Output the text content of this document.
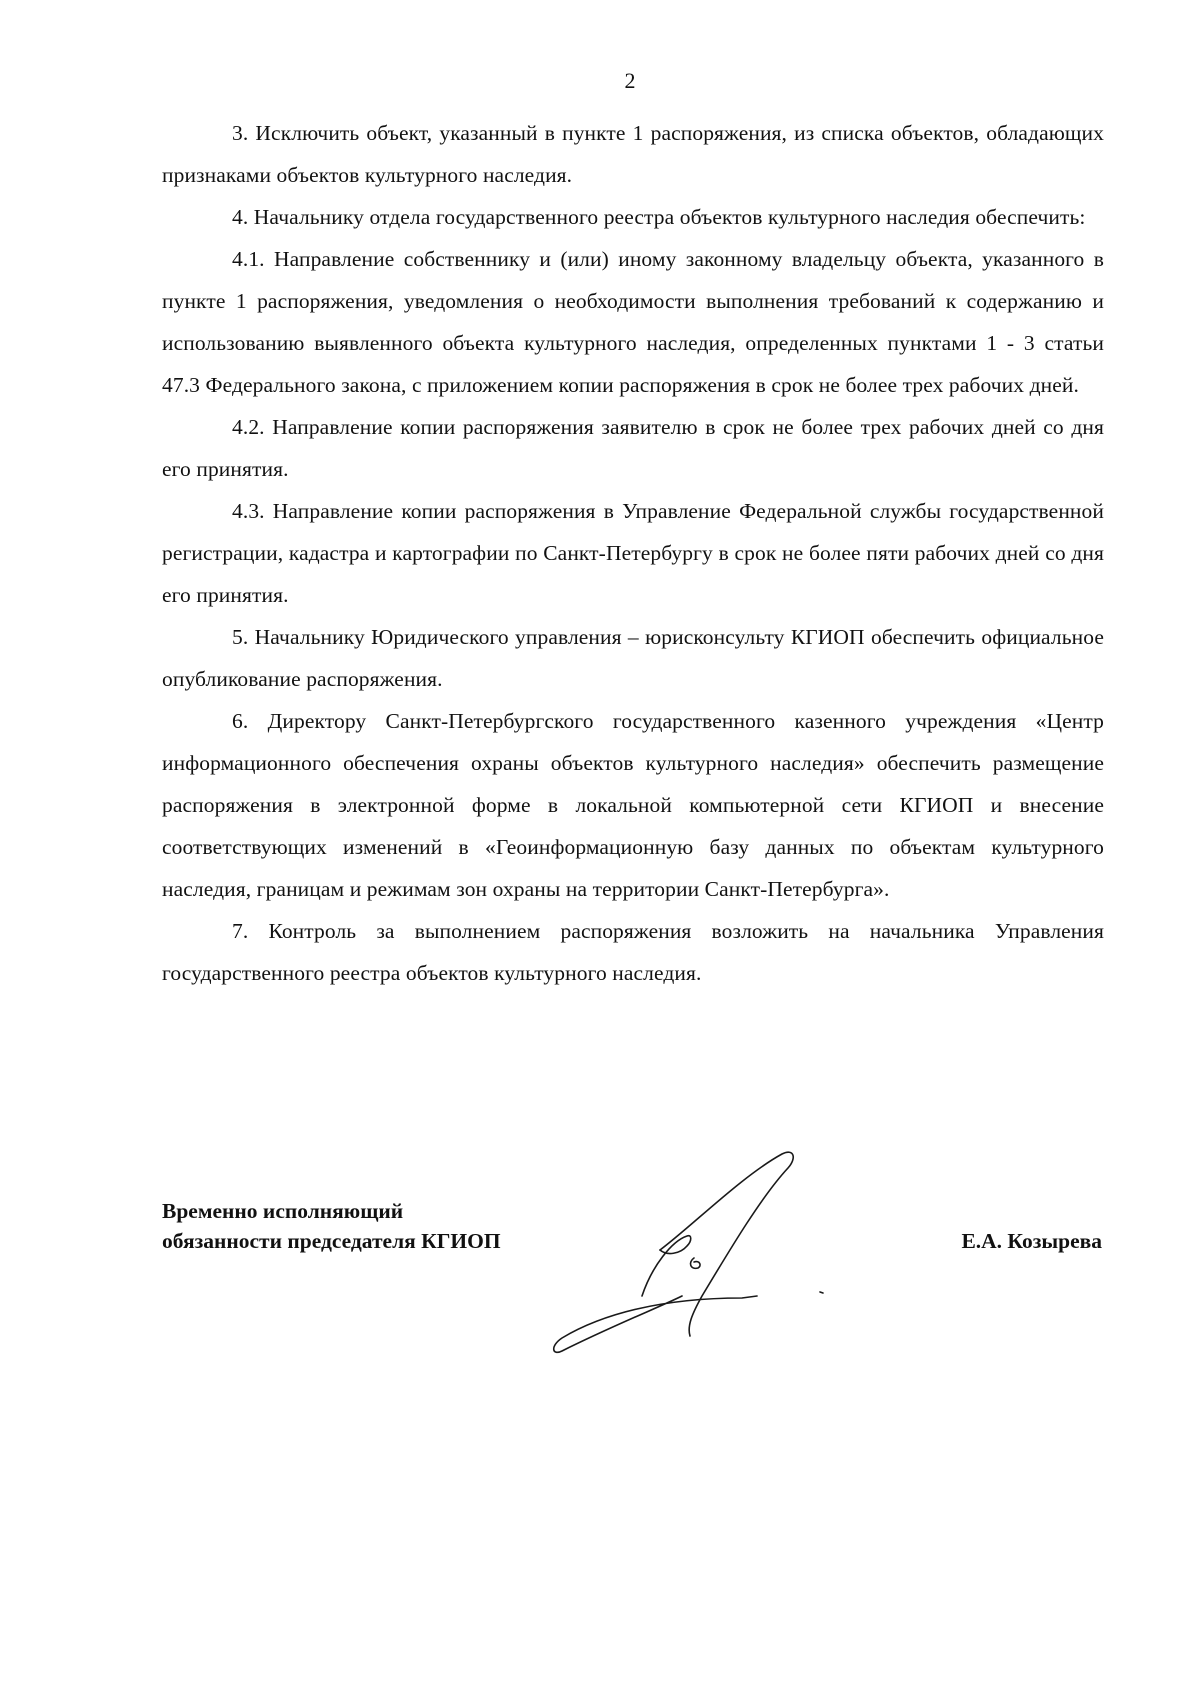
2

3. Исключить объект, указанный в пункте 1 распоряжения, из списка объектов, обладающих признаками объектов культурного наследия.

4. Начальнику отдела государственного реестра объектов культурного наследия обеспечить:

4.1. Направление собственнику и (или) иному законному владельцу объекта, указанного в пункте 1 распоряжения, уведомления о необходимости выполнения требований к содержанию и использованию выявленного объекта культурного наследия, определенных пунктами 1 - 3 статьи 47.3 Федерального закона, с приложением копии распоряжения в срок не более трех рабочих дней.

4.2. Направление копии распоряжения заявителю в срок не более трех рабочих дней со дня его принятия.

4.3. Направление копии распоряжения в Управление Федеральной службы государственной регистрации, кадастра и картографии по Санкт-Петербургу в срок не более пяти рабочих дней со дня его принятия.

5. Начальнику Юридического управления – юрисконсульту КГИОП обеспечить официальное опубликование распоряжения.

6. Директору Санкт-Петербургского государственного казенного учреждения «Центр информационного обеспечения охраны объектов культурного наследия» обеспечить размещение распоряжения в электронной форме в локальной компьютерной сети КГИОП и внесение соответствующих изменений в «Геоинформационную базу данных по объектам культурного наследия, границам и режимам зон охраны на территории Санкт-Петербурга».

7. Контроль за выполнением распоряжения возложить на начальника Управления государственного реестра объектов культурного наследия.

Временно исполняющий
обязанности председателя КГИОП	Е.А. Козырева
